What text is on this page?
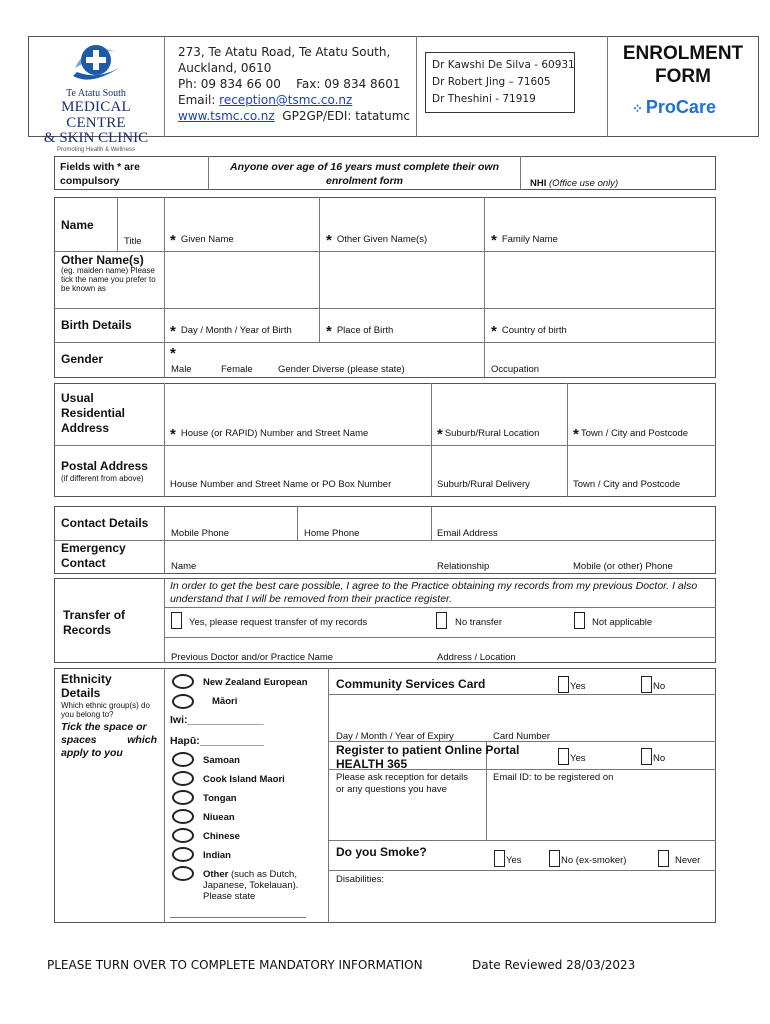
Te Atatu South
MEDICAL CENTRE
& SKIN CLINIC
Promoting Health & Wellness
273, Te Atatu Road, Te Atatu South,
Auckland, 0610
Ph: 09 834 66 00    Fax: 09 834 8601
Email: reception@tsmc.co.nz
www.tsmc.co.nz  GP2GP/EDI: tatatumc
Dr Kawshi De Silva - 60931
Dr Robert Jing – 71605
Dr Theshini - 71919
ENROLMENT
FORM
⁘ ProCare
Fields with * are compulsory
Anyone over age of 16 years must complete their own enrolment form	NHI (Office use only)
Name
Title * Given Name	* Other Given Name(s)	* Family Name
Other Name(s)
(eg. maiden name) Please tick the name you prefer to be known as
Birth Details	* Day / Month / Year of Birth * Place of Birth	* Country of birth
Gender	*
Male	Female	Gender Diverse (please state)	Occupation
Usual
Residential
Address	* House (or RAPID) Number and Street Name	* Suburb/Rural Location * Town / City and Postcode
Postal Address
(if different from above)
House Number and Street Name or PO Box Number	Suburb/Rural Delivery	Town / City and Postcode
Contact Details
Mobile Phone	Home Phone	Email Address
Emergency
Contact	Name	Relationship	Mobile (or other) Phone
Transfer of
Records
In order to get the best care possible, I agree to the Practice obtaining my records from my previous Doctor. I also understand that I will be removed from their practice register.
Yes, please request transfer of my records	No transfer	Not applicable
Previous Doctor and/or Practice Name	Address / Location
Ethnicity
Details
Which ethnic group(s) do you belong to?
Tick the space or
spaces	which
apply to you
New Zealand European
Māori
Iwi:_____________
Hapū:___________
Samoan
Cook Island Maori
Tongan
Niuean
Chinese
Indian
Other (such as Dutch, Japanese, Tokelauan). Please state
Community Services Card	Yes	No
Day / Month / Year of Expiry	Card Number
Register to patient Online Portal HEALTH 365	Yes	No
Please ask reception for details or any questions you have
Email ID: to be registered on
Do you Smoke?
Yes	No (ex-smoker)	Never
Disabilities:
PLEASE TURN OVER TO COMPLETE MANDATORY INFORMATION	Date Reviewed 28/03/2023
